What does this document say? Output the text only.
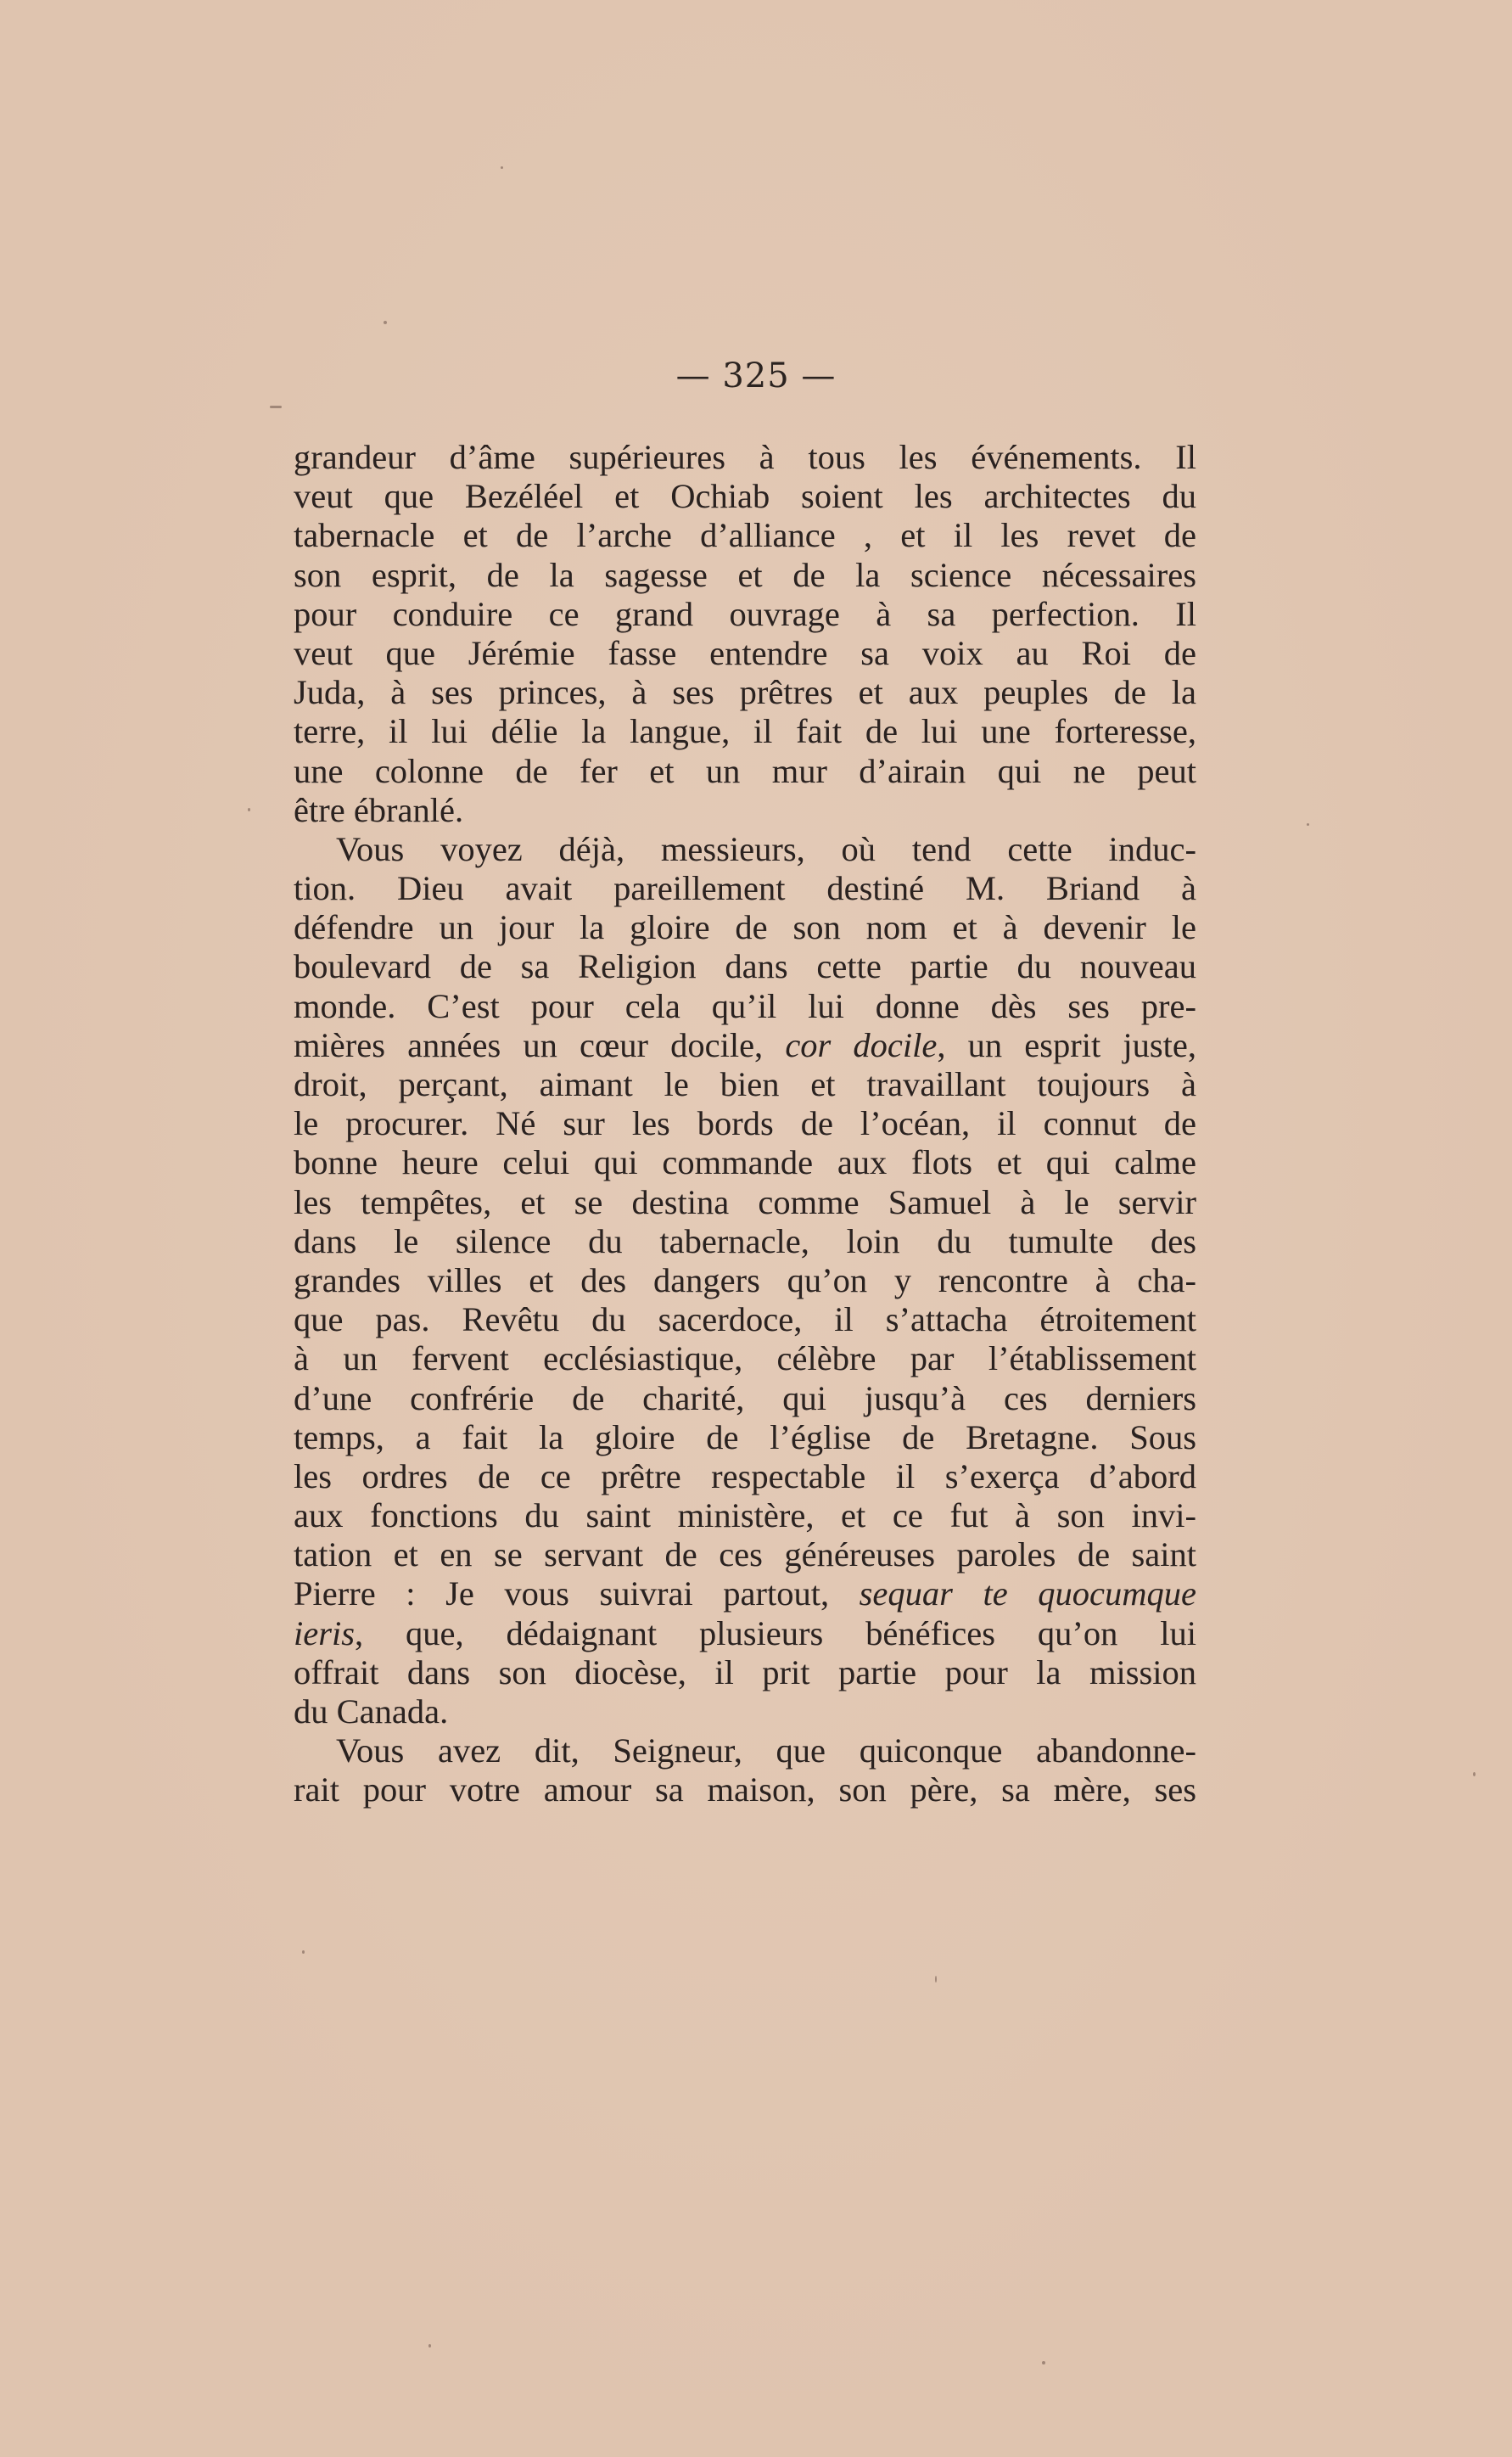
— 325 —
grandeur d’âme supérieures à tous les événements. Il
veut que Bezéléel et Ochiab soient les architectes du
tabernacle et de l’arche d’alliance , et il les revet de
son esprit, de la sagesse et de la science nécessaires
pour conduire ce grand ouvrage à sa perfection. Il
veut que Jérémie fasse entendre sa voix au Roi de
Juda, à ses princes, à ses prêtres et aux peuples de la
terre, il lui délie la langue, il fait de lui une forteresse,
une colonne de fer et un mur d’airain qui ne peut
être ébranlé.
Vous voyez déjà, messieurs, où tend cette induc-
tion. Dieu avait pareillement destiné M. Briand à
défendre un jour la gloire de son nom et à devenir le
boulevard de sa Religion dans cette partie du nouveau
monde. C’est pour cela qu’il lui donne dès ses pre-
mières années un cœur docile, cor docile, un esprit juste,
droit, perçant, aimant le bien et travaillant toujours à
le procurer. Né sur les bords de l’océan, il connut de
bonne heure celui qui commande aux flots et qui calme
les tempêtes, et se destina comme Samuel à le servir
dans le silence du tabernacle, loin du tumulte des
grandes villes et des dangers qu’on y rencontre à cha-
que pas. Revêtu du sacerdoce, il s’attacha étroitement
à un fervent ecclésiastique, célèbre par l’établissement
d’une confrérie de charité, qui jusqu’à ces derniers
temps, a fait la gloire de l’église de Bretagne. Sous
les ordres de ce prêtre respectable il s’exerça d’abord
aux fonctions du saint ministère, et ce fut à son invi-
tation et en se servant de ces généreuses paroles de saint
Pierre : Je vous suivrai partout, sequar te quocumque
ieris, que, dédaignant plusieurs bénéfices qu’on lui
offrait dans son diocèse, il prit partie pour la mission
du Canada.
Vous avez dit, Seigneur, que quiconque abandonne-
rait pour votre amour sa maison, son père, sa mère, ses
